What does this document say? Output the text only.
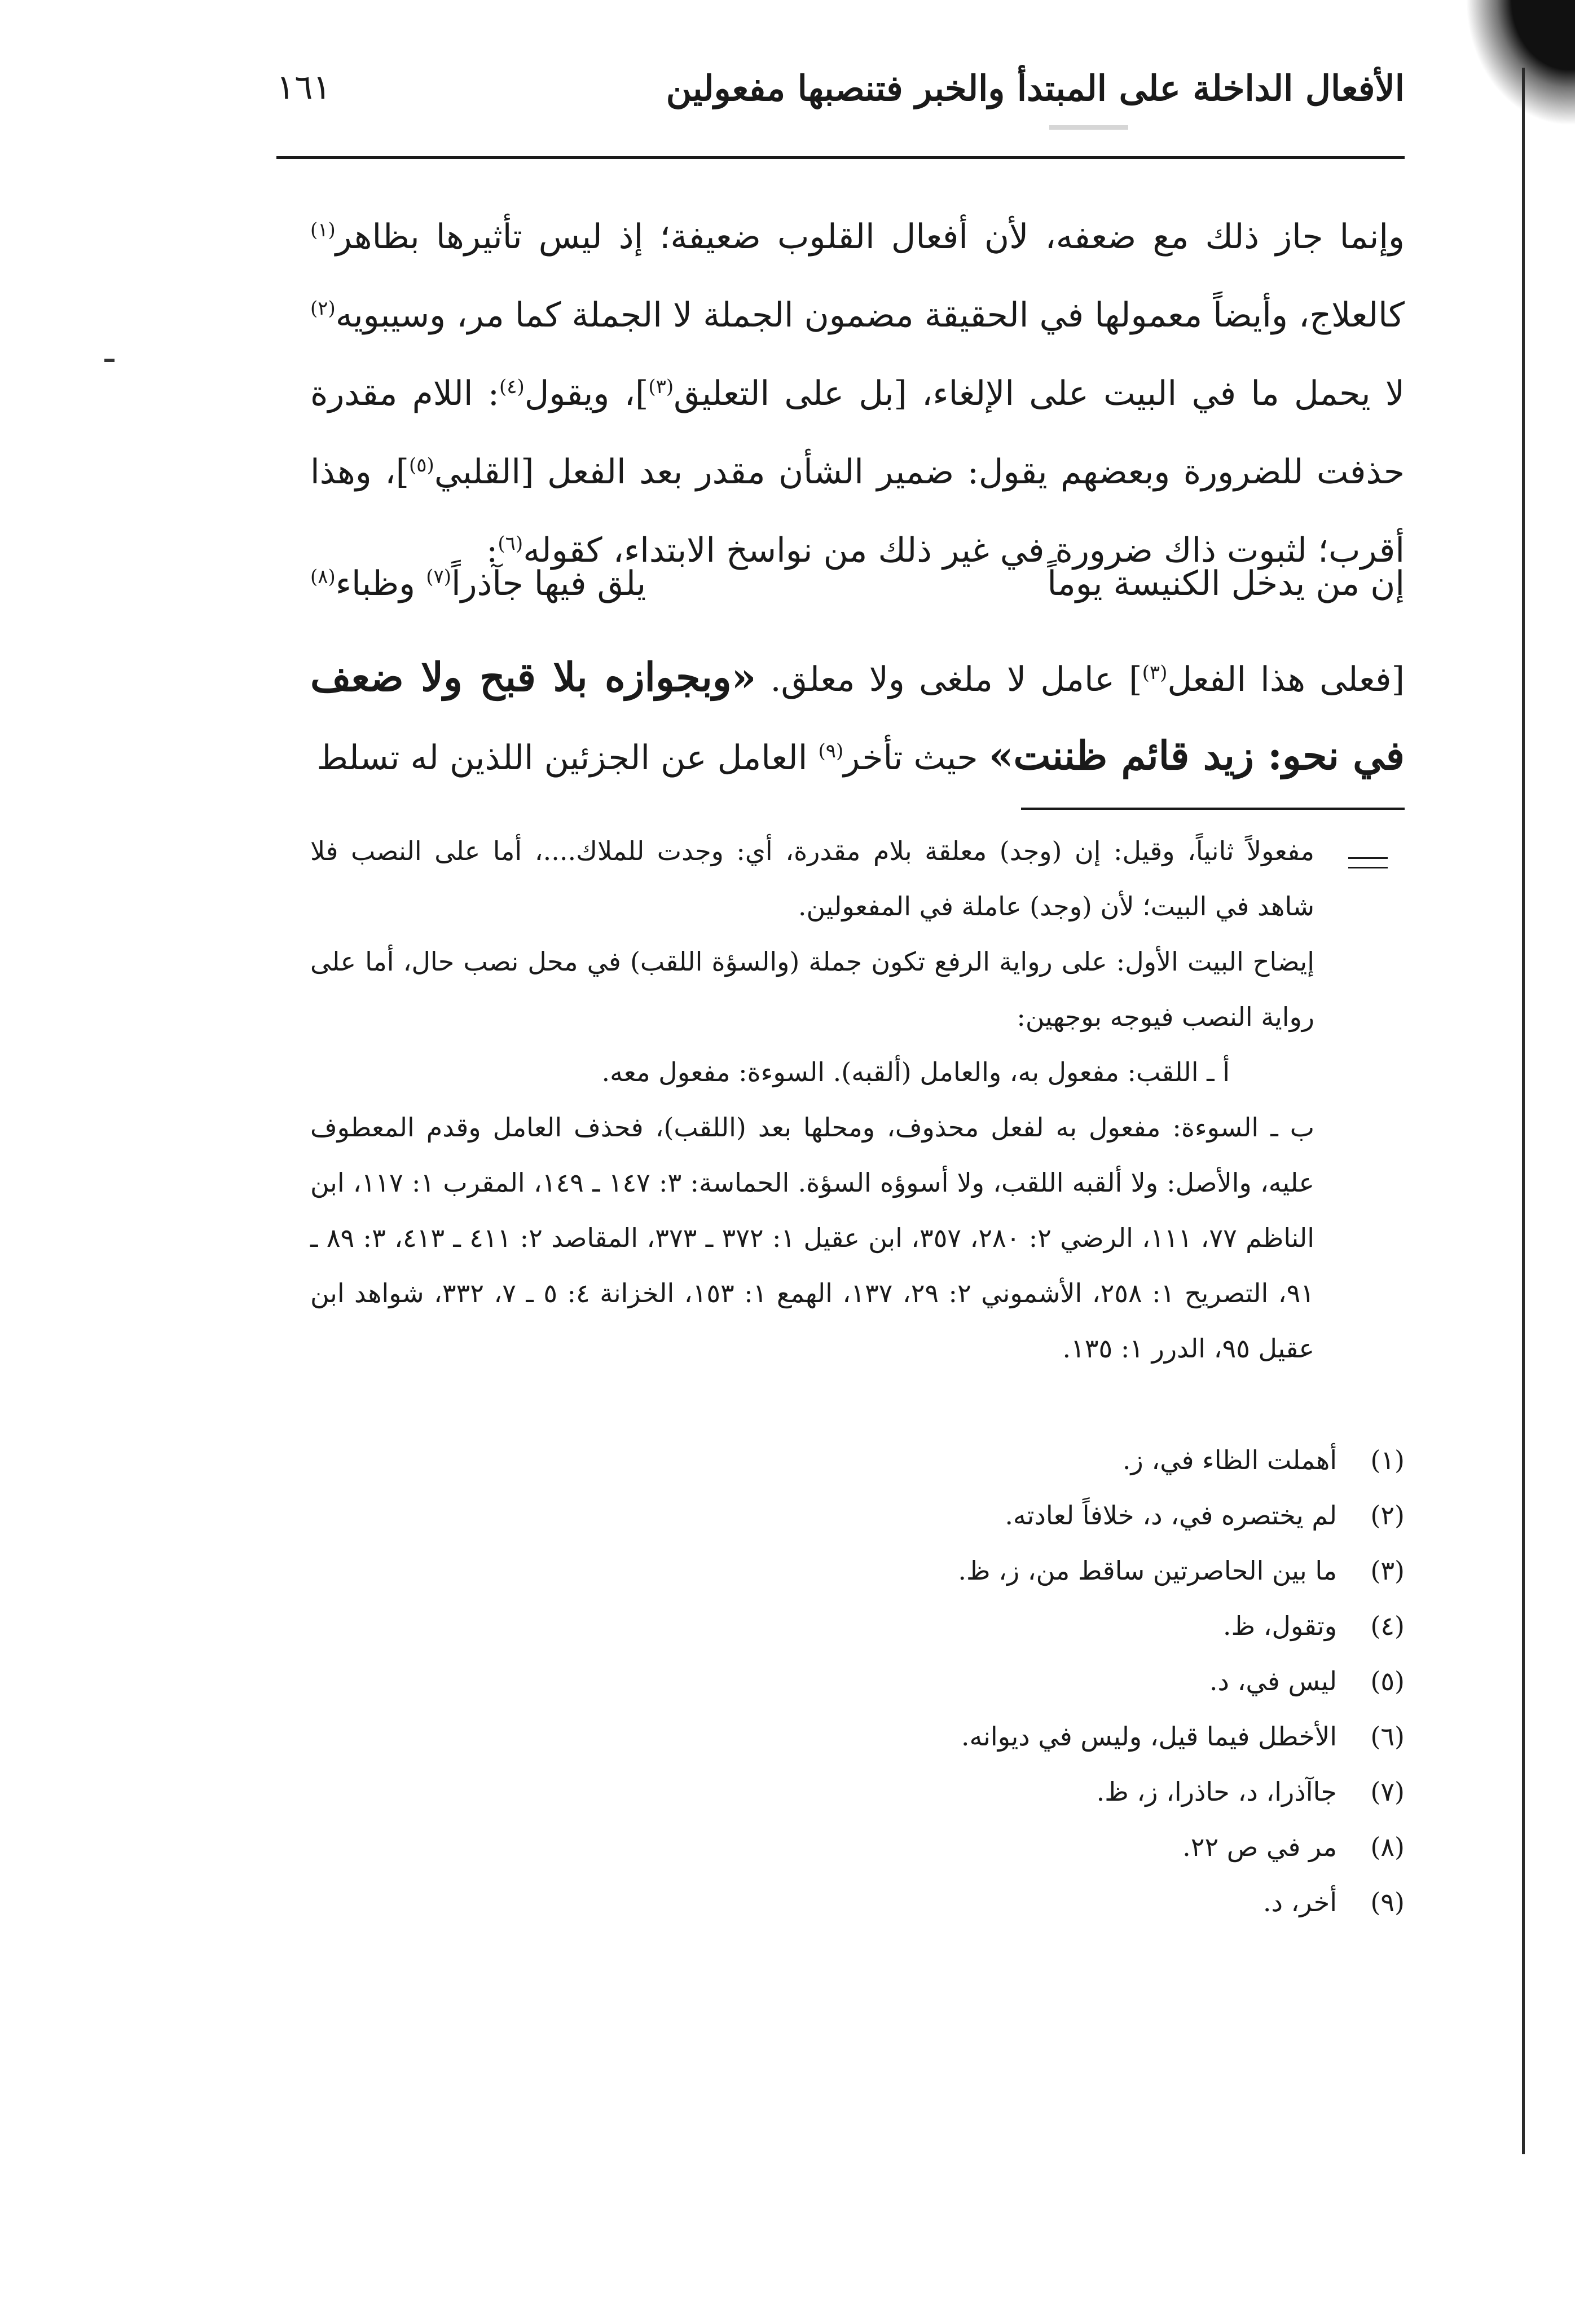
١٦١	الأفعال الداخلة على المبتدأ والخبر فتنصبها مفعولين

وإنما جاز ذلك مع ضعفه، لأن أفعال القلوب ضعيفة؛ إذ ليس تأثيرها بظاهر$^{(١)}$ كالعلاج، وأيضاً معمولها في الحقيقة مضمون الجملة لا الجملة كما مر، وسيبويه$^{(٢)}$ لا يحمل ما في البيت على الإلغاء، [بل على التعليق$^{(٣)}$]، ويقول$^{(٤)}$: اللام مقدرة حذفت للضرورة وبعضهم يقول: ضمير الشأن مقدر بعد الفعل [القلبي$^{(٥)}$]، وهذا أقرب؛ لثبوت ذاك ضرورة في غير ذلك من نواسخ الابتداء، كقوله$^{(٦)}$:

إن من يدخل الكنيسة يوماً
يلق فيها جآذراً$^{(٧)}$ وظباء$^{(٨)}$

[فعلى هذا الفعل$^{(٣)}$] عامل لا ملغى ولا معلق. «وبجوازه بلا قبح ولا ضعف في نحو: زيد قائم ظننت» حيث تأخر$^{(٩)}$ العامل عن الجزئين اللذين له تسلط

مفعولاً ثانياً، وقيل: إن (وجد) معلقة بلام مقدرة، أي: وجدت للملاك....، أما على النصب فلا شاهد في البيت؛ لأن (وجد) عاملة في المفعولين.

إيضاح البيت الأول: على رواية الرفع تكون جملة (والسؤة اللقب) في محل نصب حال، أما على رواية النصب فيوجه بوجهين:

أ ـ اللقب: مفعول به، والعامل (ألقبه). السوءة: مفعول معه.

ب ـ السوءة: مفعول به لفعل محذوف، ومحلها بعد (اللقب)، فحذف العامل وقدم المعطوف عليه، والأصل: ولا ألقبه اللقب، ولا أسوؤه السؤة. الحماسة: ٣: ١٤٧ ـ ١٤٩، المقرب ١: ١١٧، ابن الناظم ٧٧، ١١١، الرضي ٢: ٢٨٠، ٣٥٧، ابن عقيل ١: ٣٧٢ ـ ٣٧٣، المقاصد ٢: ٤١١ ـ ٤١٣، ٣: ٨٩ ـ ٩١، التصريح ١: ٢٥٨، الأشموني ٢: ٢٩، ١٣٧، الهمع ١: ١٥٣، الخزانة ٤: ٥ ـ ٧، ٣٣٢، شواهد ابن عقيل ٩٥، الدرر ١: ١٣٥.

(١)
أهملت الظاء في، ز.
(٢)
لم يختصره في، د، خلافاً لعادته.
(٣)
ما بين الحاصرتين ساقط من، ز، ظ.
(٤)
وتقول، ظ.
(٥)
ليس في، د.
(٦)
الأخطل فيما قيل، وليس في ديوانه.
(٧)
جاآذرا، د، حاذرا، ز، ظ.
(٨)
مر في ص ٢٢.
(٩)
أخر، د.
